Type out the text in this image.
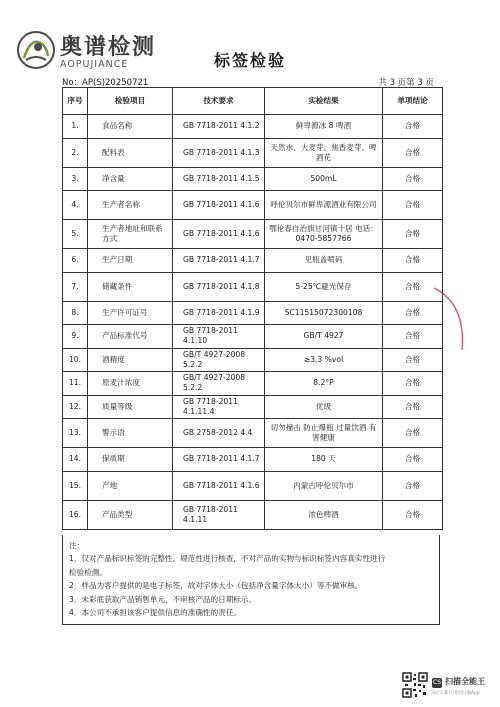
奥谱检测
AOPUJIANCE	标签检验
No：AP(S)20250721	共 3 页第 3 页
序号	检验项目	技术要求	实检结果	单项结论
1.	食品名称	GB 7718-2011 4.1.2	鲜卑源冰 8 啤酒	合格
2.	配料表	GB 7718-2011 4.1.3	天然水、大麦芽、焦香麦芽、啤酒花	合格
3.	净含量	GB 7718-2011 4.1.5	500mL	合格
4.	生产者名称	GB 7718-2011 4.1.6	呼伦贝尔市鲜卑源酒业有限公司	合格
5.	生产者地址和联系方式	GB 7718-2011 4.1.6	鄂伦春自治旗甘河镇十居 电话：0470-5857766	合格
6.	生产日期	GB 7718-2011 4.1.7	见瓶盖喷码	合格
7.	储藏条件	GB 7718-2011 4.1.8	5-25℃避光保存	合格
8.	生产许可证号	GB 7718-2011 4.1.9	SC11515072300108	合格
9.	产品标准代号	GB 7718-2011 4.1.10	GB/T 4927	合格
10.	酒精度	GB/T 4927-2008 5.2.2	≥3.3 %vol	合格
11.	原麦汁浓度	GB/T 4927-2008 5.2.2	8.2°P	合格
12.	质量等级	GB 7718-2011 4.1.11.4	优级	合格
13.	警示语	GB 2758-2012 4.4	切勿撞击 防止爆瓶 过量饮酒 有害健康	合格
14.	保质期	GB 7718-2011 4.1.7	180 天	合格
15.	产地	GB 7718-2011 4.1.6	内蒙古呼伦贝尔市	合格
16.	产品类型	GB 7718-2011 4.1.11	浓色啤酒	合格
注：
1．仅对产品标识标签的完整性、规范性进行核查，不对产品的实物与标识标签内容真实性进行
检验检测。
2．样品为客户提供的是电子标签，故对字体大小（包括净含量字体大小）等不做审核。
3．未彩底获取产品销售单元，不审核产品的日期标示。
4．本公司不承担该客户提供信息的准确性的责任。
CS 扫描全能王
3亿人都在用的扫描App
